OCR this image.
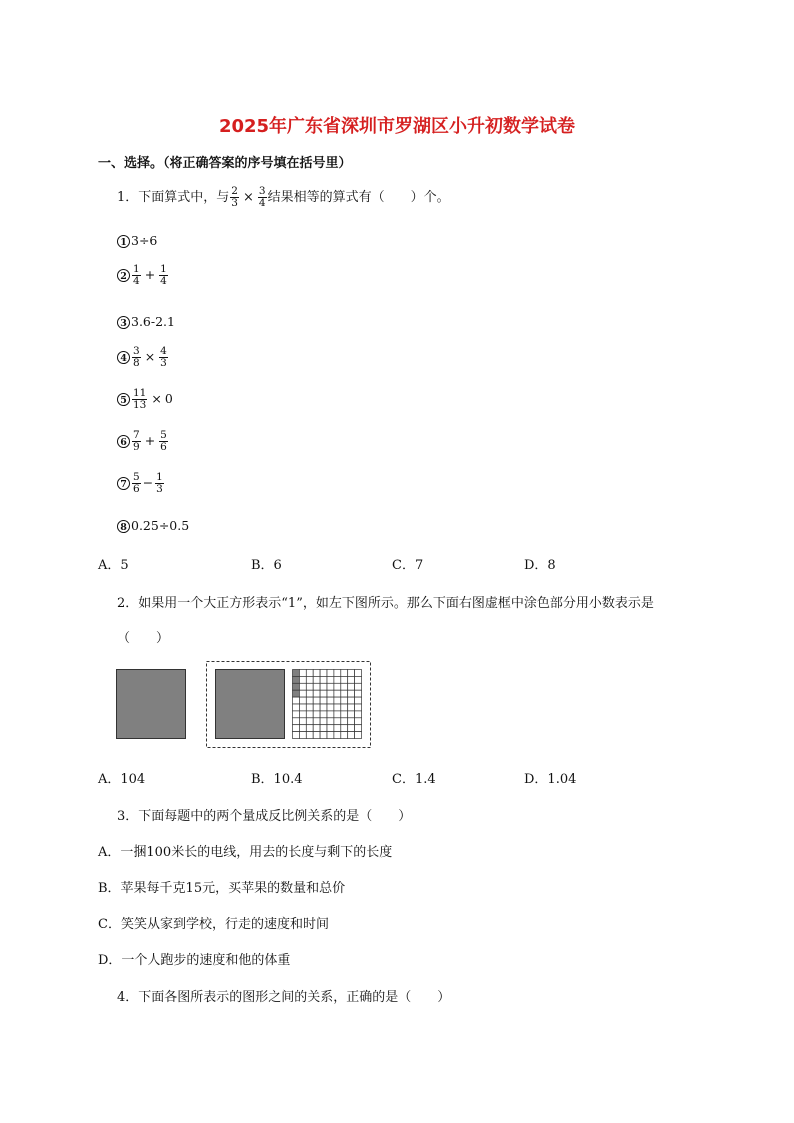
2025年广东省深圳市罗湖区小升初数学试卷
一、选择。（将正确答案的序号填在括号里）
1．下面算式中，与 $\frac{2}{3} \times \frac{3}{4}$ 结果相等的算式有（　　）个。
1 3÷6
$2 \frac{1}{4} + \frac{1}{4}$
3 3.6-2.1
$4 \frac{3}{8} \times \frac{4}{3}$
$5 \frac{11}{13} \times 0$
$6 \frac{7}{9} + \frac{5}{6}$
$7 \frac{5}{6} - \frac{1}{3}$
8 0.25÷0.5
A．5	B．6	C．7	D．8
2．如果用一个大正方形表示“1”，如左下图所示。那么下面右图虚框中涂色部分用小数表示是
（　　）
A．104	B．10.4	C．1.4	D．1.04
3．下面每题中的两个量成反比例关系的是（　　）
A．一捆100米长的电线，用去的长度与剩下的长度
B．苹果每千克15元，买苹果的数量和总价
C．笑笑从家到学校，行走的速度和时间
D．一个人跑步的速度和他的体重
4．下面各图所表示的图形之间的关系，正确的是（　　）
